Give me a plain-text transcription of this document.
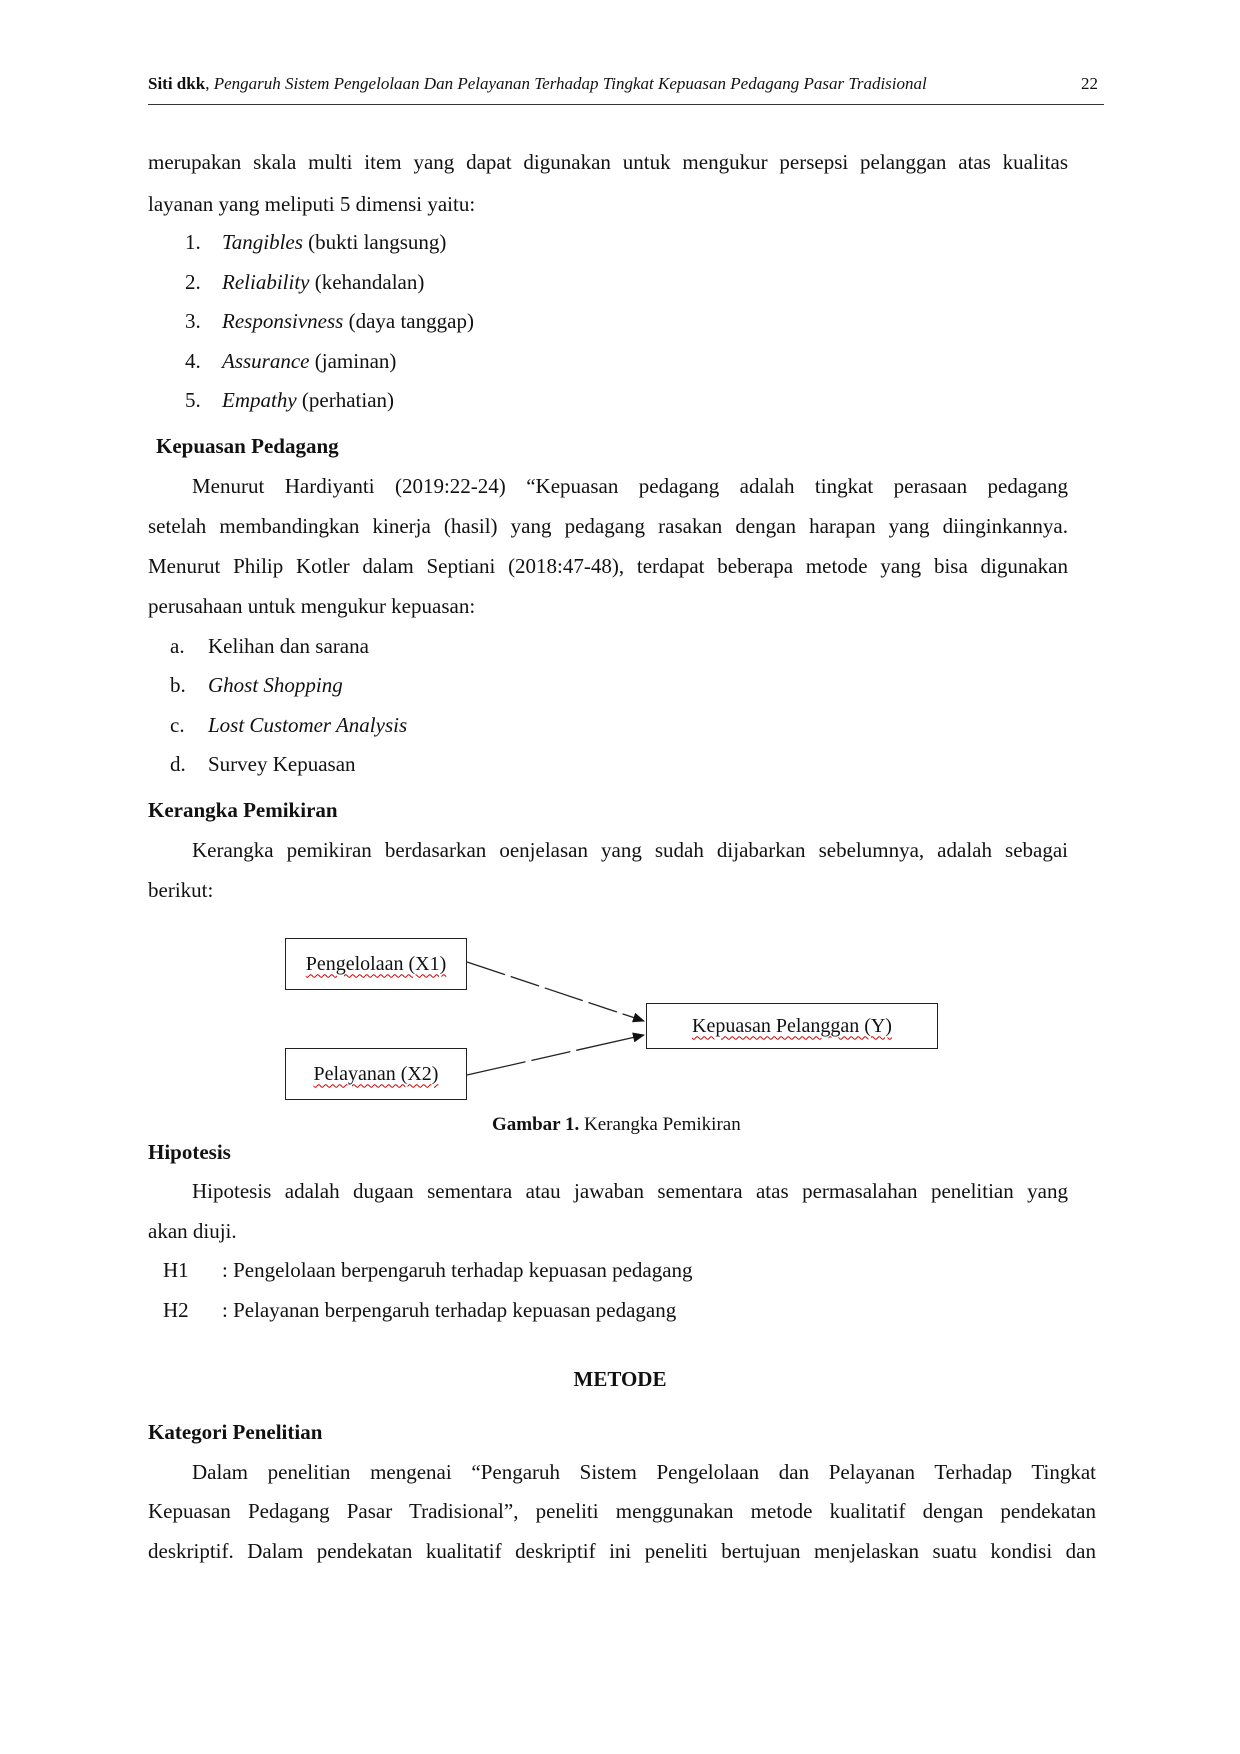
Siti dkk, Pengaruh Sistem Pengelolaan Dan Pelayanan Terhadap Tingkat Kepuasan Pedagang Pasar Tradisional	22
merupakan skala multi item yang dapat digunakan untuk mengukur persepsi pelanggan atas kualitas
layanan yang meliputi 5 dimensi yaitu:
1. Tangibles (bukti langsung)
2. Reliability (kehandalan)
3. Responsivness (daya tanggap)
4. Assurance (jaminan)
5. Empathy (perhatian)
Kepuasan Pedagang
Menurut Hardiyanti (2019:22-24) “Kepuasan pedagang adalah tingkat perasaan pedagang
setelah membandingkan kinerja (hasil) yang pedagang rasakan dengan harapan yang diinginkannya.
Menurut Philip Kotler dalam Septiani (2018:47-48), terdapat beberapa metode yang bisa digunakan
perusahaan untuk mengukur kepuasan:
a. Kelihan dan sarana
b. Ghost Shopping
c. Lost Customer Analysis
d. Survey Kepuasan
Kerangka Pemikiran
Kerangka pemikiran berdasarkan oenjelasan yang sudah dijabarkan sebelumnya, adalah sebagai
berikut:
Pengelolaan (X1)
Pelayanan (X2)
Kepuasan Pelanggan (Y)
Gambar 1. Kerangka Pemikiran
Hipotesis
Hipotesis adalah dugaan sementara atau jawaban sementara atas permasalahan penelitian yang
akan diuji.
H1 : Pengelolaan berpengaruh terhadap kepuasan pedagang
H2 : Pelayanan berpengaruh terhadap kepuasan pedagang
METODE
Kategori Penelitian
Dalam penelitian mengenai “Pengaruh Sistem Pengelolaan dan Pelayanan Terhadap Tingkat
Kepuasan Pedagang Pasar Tradisional”, peneliti menggunakan metode kualitatif dengan pendekatan
deskriptif. Dalam pendekatan kualitatif deskriptif ini peneliti bertujuan menjelaskan suatu kondisi dan
